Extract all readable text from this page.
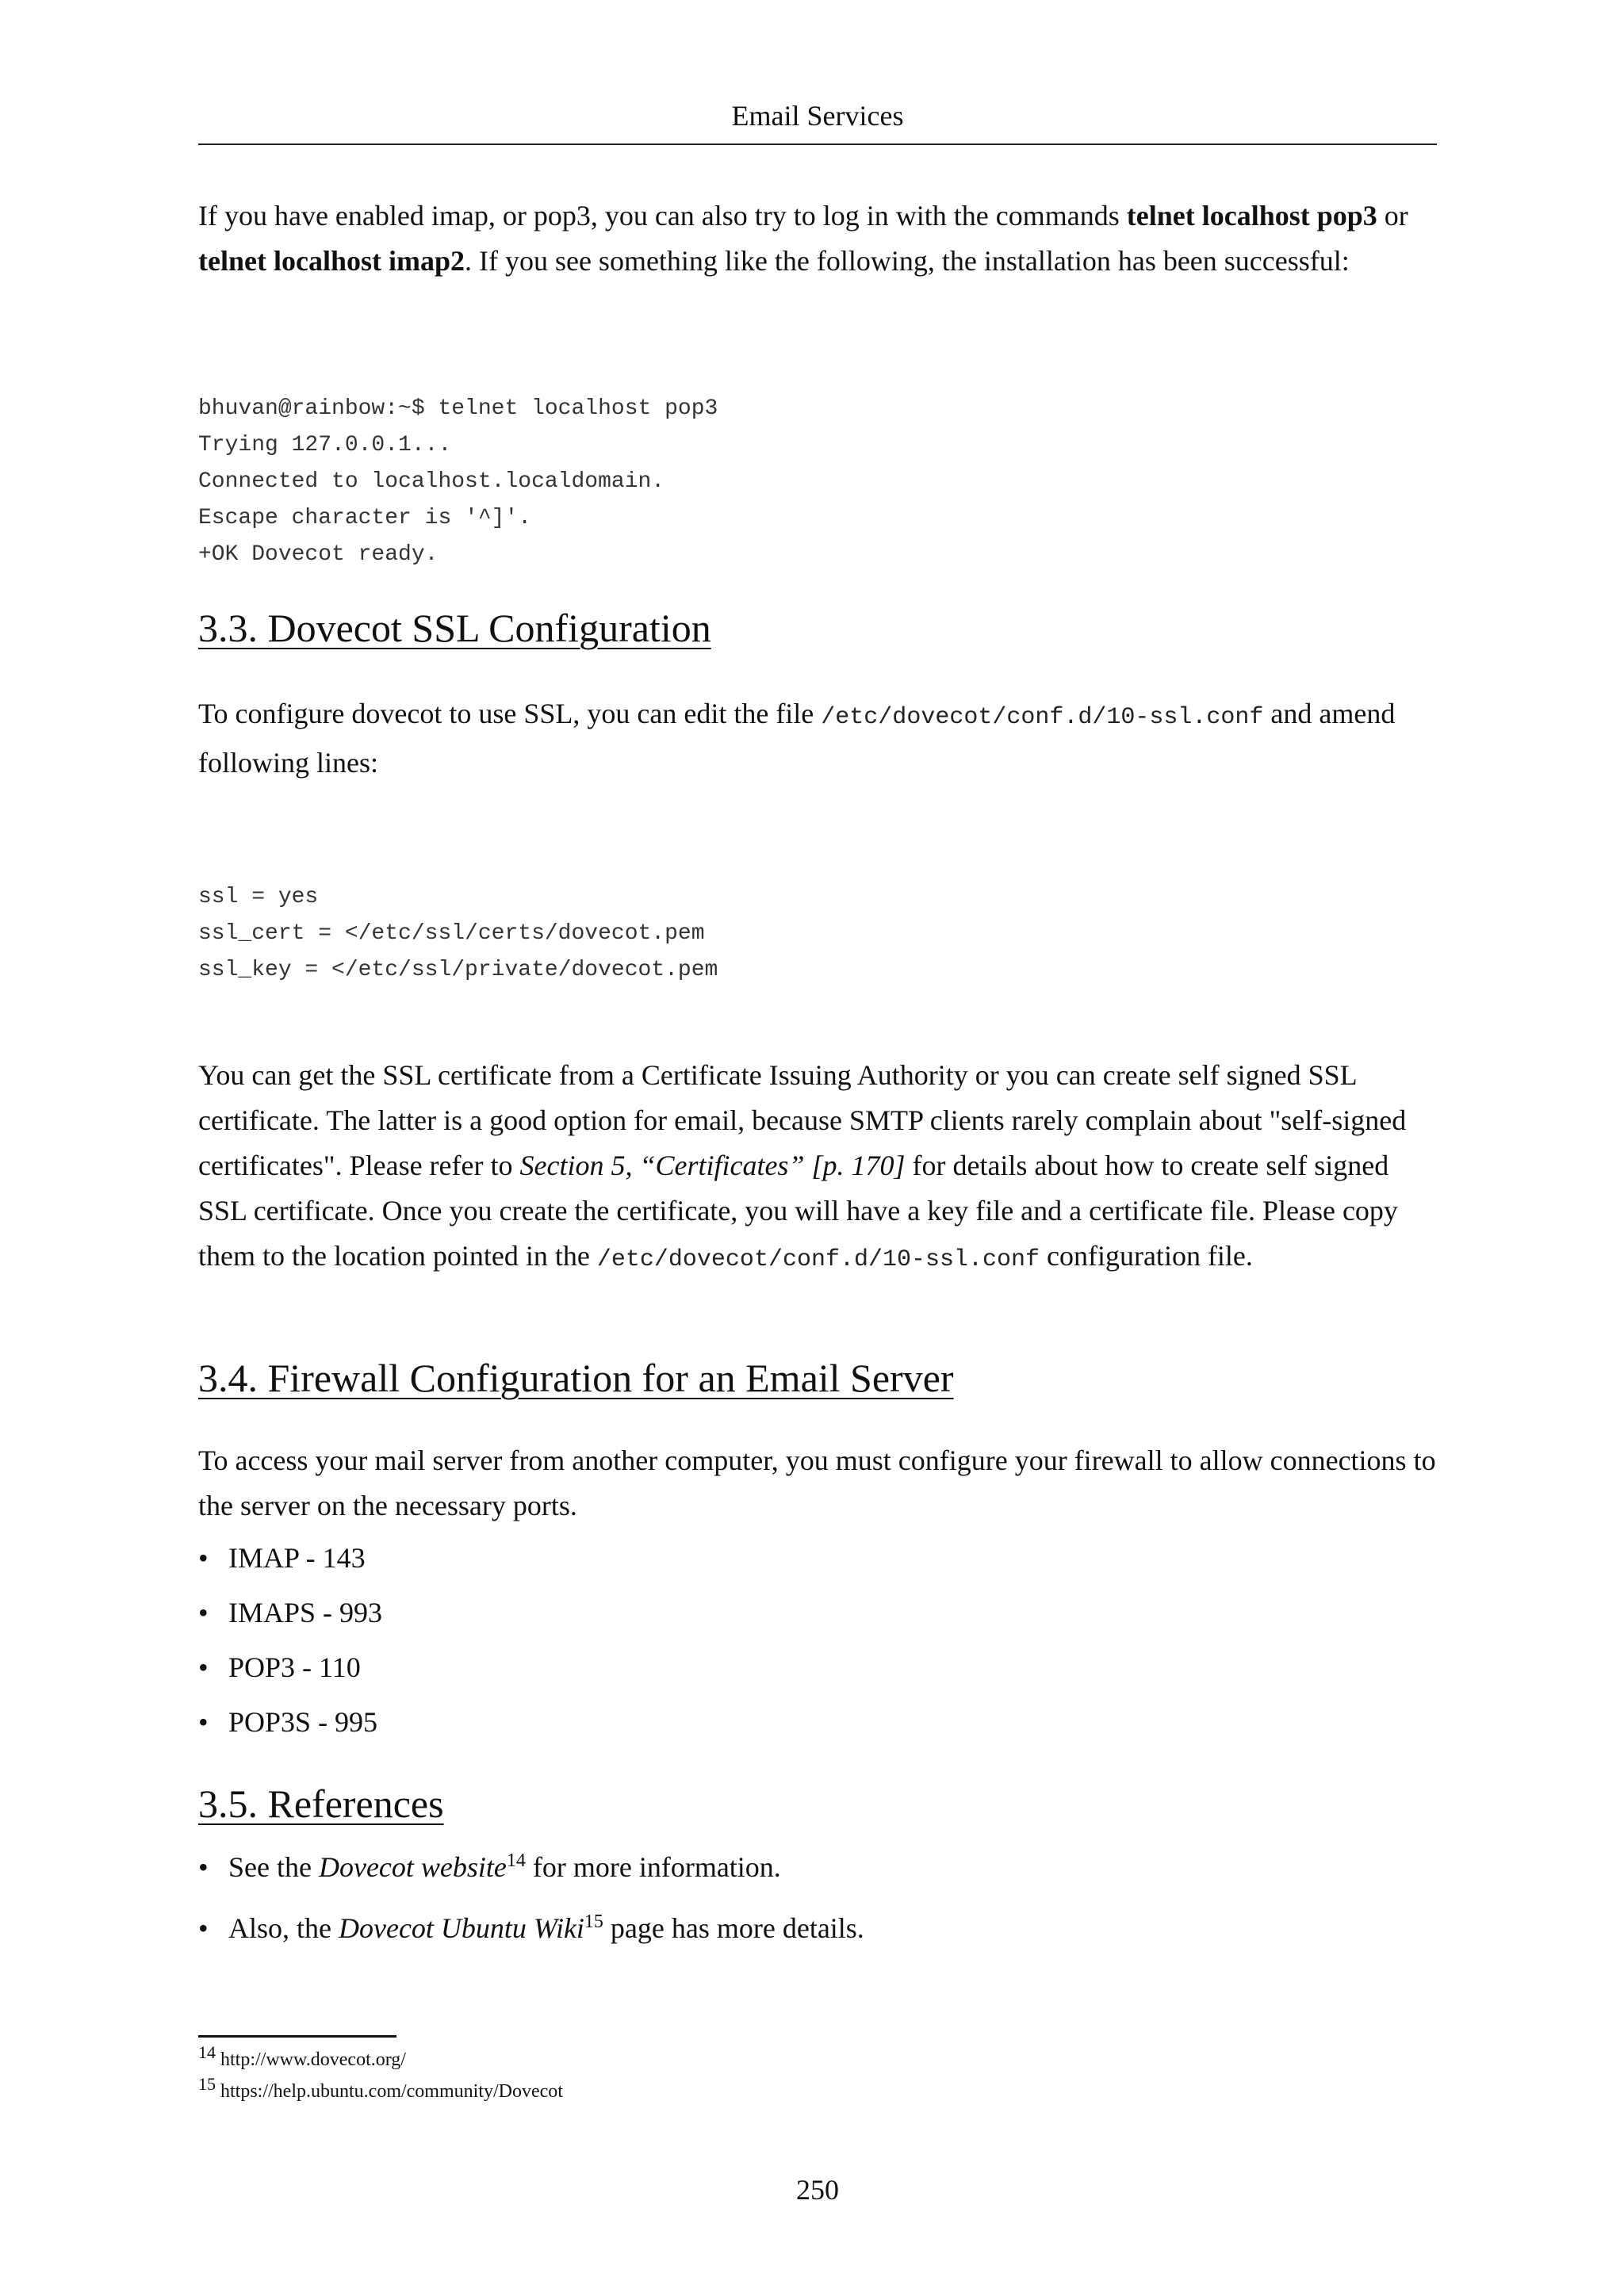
Email Services

If you have enabled imap, or pop3, you can also try to log in with the commands telnet localhost pop3 or telnet localhost imap2. If you see something like the following, the installation has been successful:

bhuvan@rainbow:~$ telnet localhost pop3
Trying 127.0.0.1...
Connected to localhost.localdomain.
Escape character is '^]'.
+OK Dovecot ready.
3.3. Dovecot SSL Configuration

To configure dovecot to use SSL, you can edit the file /etc/dovecot/conf.d/10-ssl.conf and amend following lines:

ssl = yes
ssl_cert = </etc/ssl/certs/dovecot.pem
ssl_key = </etc/ssl/private/dovecot.pem

You can get the SSL certificate from a Certificate Issuing Authority or you can create self signed SSL certificate. The latter is a good option for email, because SMTP clients rarely complain about "self-signed certificates". Please refer to Section 5, “Certificates” [p. 170] for details about how to create self signed SSL certificate. Once you create the certificate, you will have a key file and a certificate file. Please copy them to the location pointed in the /etc/dovecot/conf.d/10-ssl.conf configuration file.

3.4. Firewall Configuration for an Email Server

To access your mail server from another computer, you must configure your firewall to allow connections to the server on the necessary ports.

• IMAP - 143
• IMAPS - 993
• POP3 - 110
• POP3S - 995
3.5. References
• See the Dovecot website$^{14}$ for more information.
• Also, the Dovecot Ubuntu Wiki$^{15}$ page has more details.
14 http://www.dovecot.org/
15 https://help.ubuntu.com/community/Dovecot
250
